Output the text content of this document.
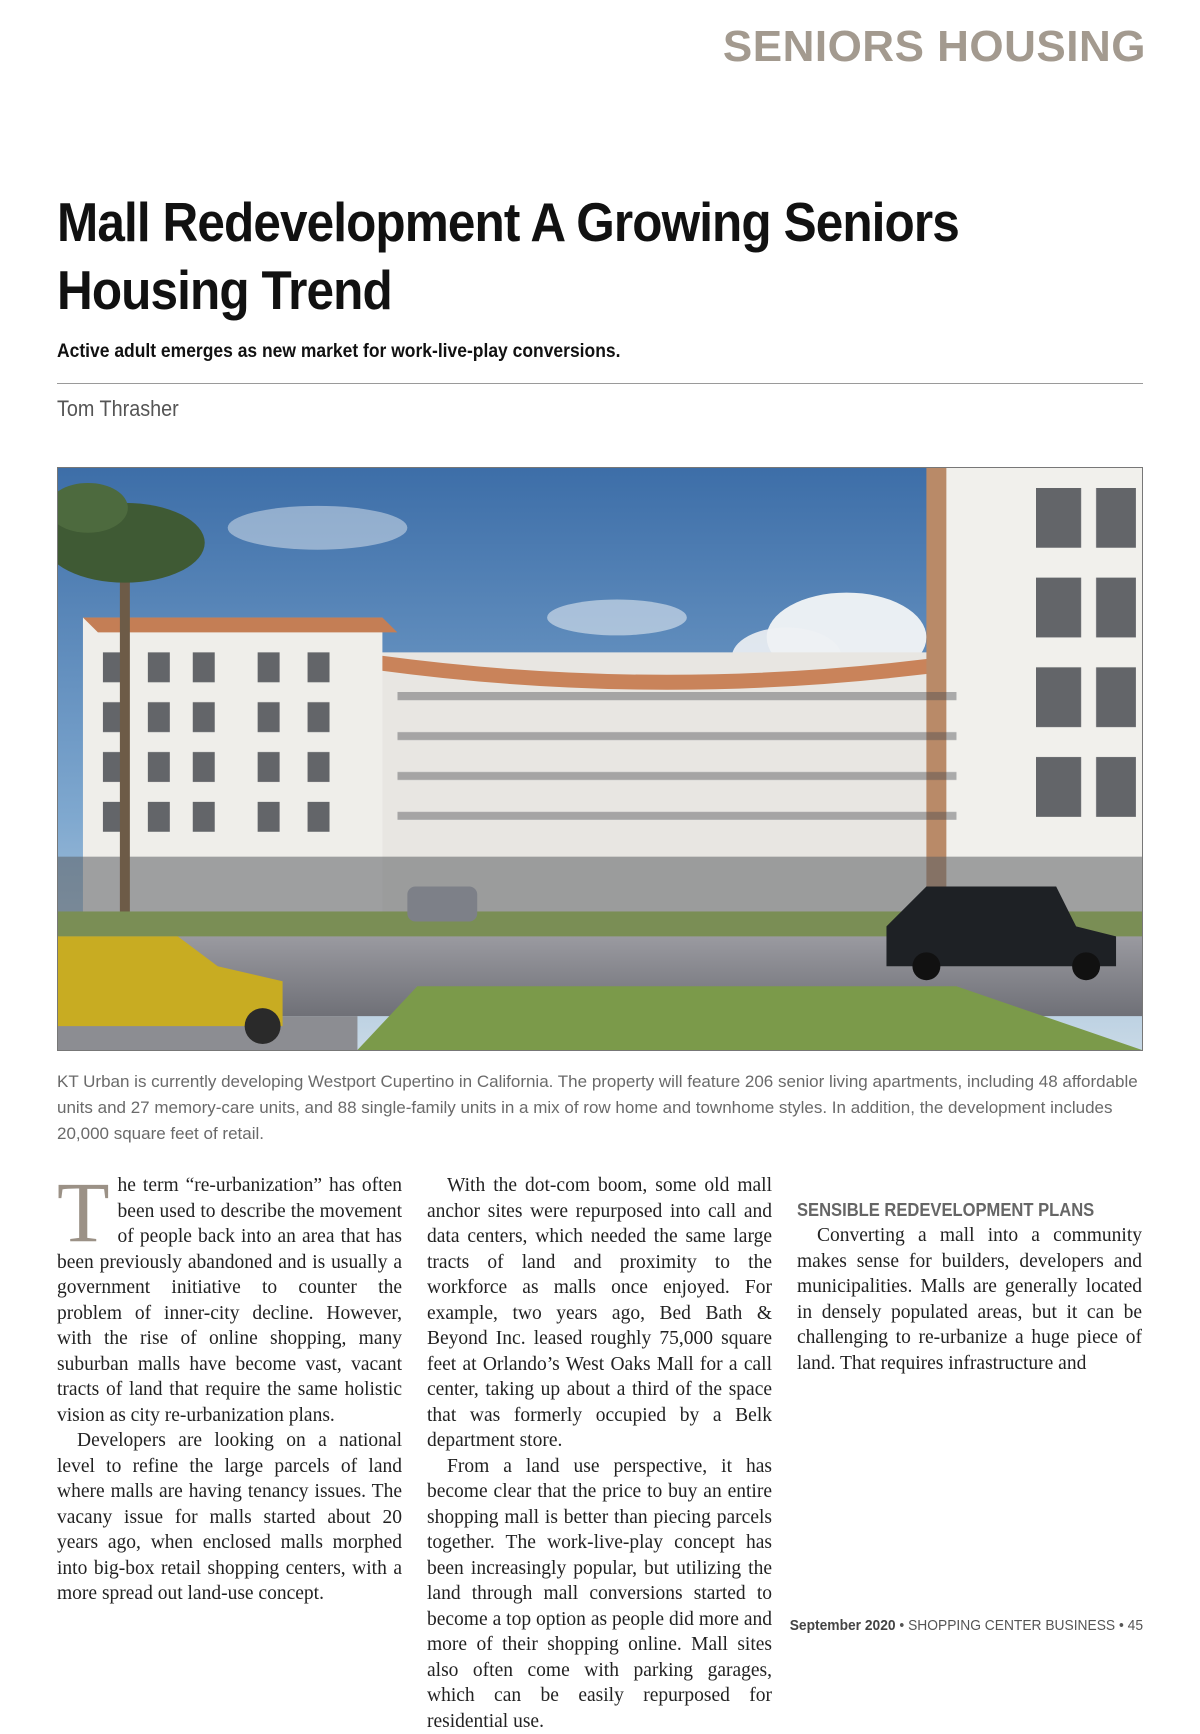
SENIORS HOUSING
Mall Redevelopment A Growing Seniors Housing Trend
Active adult emerges as new market for work-live-play conversions.
Tom Thrasher

KT Urban is currently developing Westport Cupertino in California. The property will feature 206 senior living apartments, including 48 affordable units and 27 memory-care units, and 88 single-family units in a mix of row home and townhome styles. In addition, the development includes 20,000 square feet of retail.

T he term “re-urbanization” has often been used to describe the movement of people back into an area that has been previously abandoned and is usually a government initiative to counter the problem of inner-city decline. However, with the rise of online shopping, many suburban malls have become vast, vacant tracts of land that require the same holistic vision as city re-urbanization plans.

Developers are looking on a national level to refine the large parcels of land where malls are having tenancy issues. The vacany issue for malls started about 20 years ago, when enclosed malls morphed into big-box retail shopping centers, with a more spread out land-use concept.

With the dot-com boom, some old mall anchor sites were repurposed into call and data centers, which needed the same large tracts of land and proximity to the workforce as malls once enjoyed. For example, two years ago, Bed Bath & Beyond Inc. leased roughly 75,000 square feet at Orlando’s West Oaks Mall for a call center, taking up about a third of the space that was formerly occupied by a Belk department store.

From a land use perspective, it has become clear that the price to buy an entire shopping mall is better than piecing parcels together. The work-live-play concept has been increasingly popular, but utilizing the land through mall conversions started to become a top option as people did more and more of their shopping online. Mall sites also often come with parking garages, which can be easily repurposed for residential use.

SENSIBLE REDEVELOPMENT PLANS

Converting a mall into a community makes sense for builders, developers and municipalities. Malls are generally located in densely populated areas, but it can be challenging to re-urbanize a huge piece of land. That requires infrastructure and

September 2020 • SHOPPING CENTER BUSINESS • 45
